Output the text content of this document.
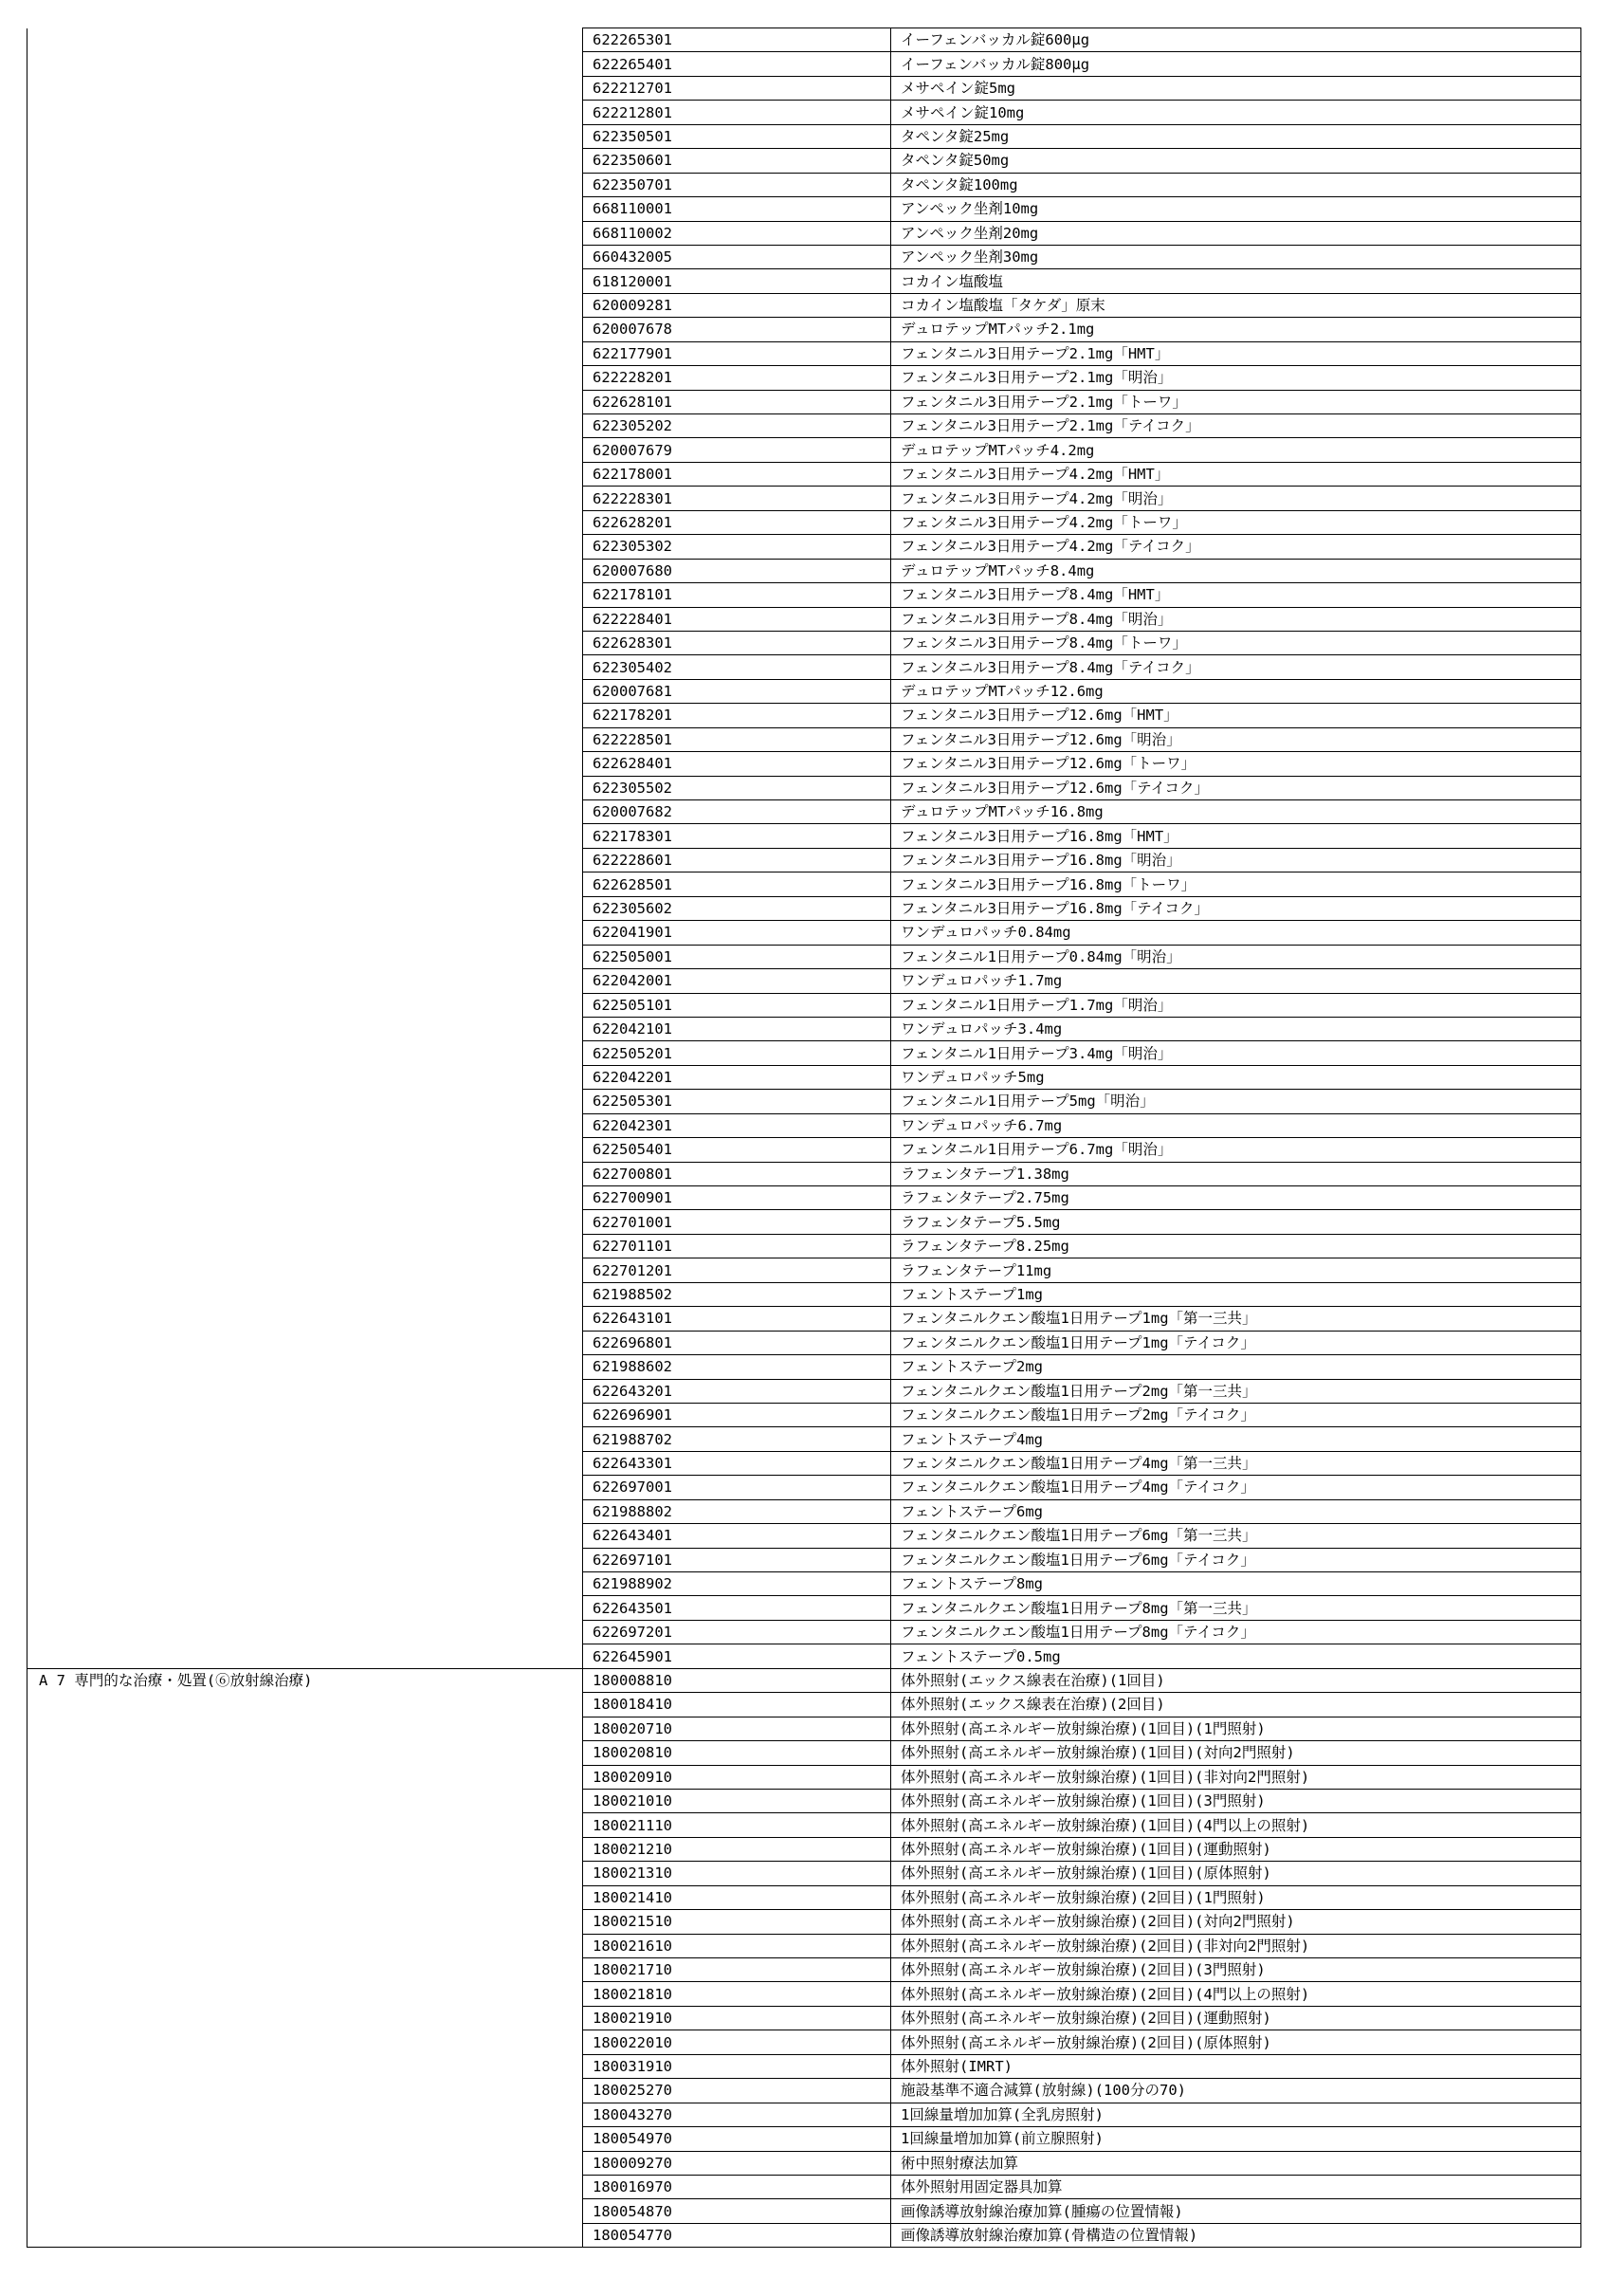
	622265301	イーフェンバッカル錠600μg
	622265401	イーフェンバッカル錠800μg
	622212701	メサペイン錠5mg
	622212801	メサペイン錠10mg
	622350501	タペンタ錠25mg
	622350601	タペンタ錠50mg
	622350701	タペンタ錠100mg
	668110001	アンペック坐剤10mg
	668110002	アンペック坐剤20mg
	660432005	アンペック坐剤30mg
	618120001	コカイン塩酸塩
	620009281	コカイン塩酸塩「タケダ」原末
	620007678	デュロテップMTパッチ2.1mg
	622177901	フェンタニル3日用テープ2.1mg「HMT」
	622228201	フェンタニル3日用テープ2.1mg「明治」
	622628101	フェンタニル3日用テープ2.1mg「トーワ」
	622305202	フェンタニル3日用テープ2.1mg「テイコク」
	620007679	デュロテップMTパッチ4.2mg
	622178001	フェンタニル3日用テープ4.2mg「HMT」
	622228301	フェンタニル3日用テープ4.2mg「明治」
	622628201	フェンタニル3日用テープ4.2mg「トーワ」
	622305302	フェンタニル3日用テープ4.2mg「テイコク」
	620007680	デュロテップMTパッチ8.4mg
	622178101	フェンタニル3日用テープ8.4mg「HMT」
	622228401	フェンタニル3日用テープ8.4mg「明治」
	622628301	フェンタニル3日用テープ8.4mg「トーワ」
	622305402	フェンタニル3日用テープ8.4mg「テイコク」
	620007681	デュロテップMTパッチ12.6mg
	622178201	フェンタニル3日用テープ12.6mg「HMT」
	622228501	フェンタニル3日用テープ12.6mg「明治」
	622628401	フェンタニル3日用テープ12.6mg「トーワ」
	622305502	フェンタニル3日用テープ12.6mg「テイコク」
	620007682	デュロテップMTパッチ16.8mg
	622178301	フェンタニル3日用テープ16.8mg「HMT」
	622228601	フェンタニル3日用テープ16.8mg「明治」
	622628501	フェンタニル3日用テープ16.8mg「トーワ」
	622305602	フェンタニル3日用テープ16.8mg「テイコク」
	622041901	ワンデュロパッチ0.84mg
	622505001	フェンタニル1日用テープ0.84mg「明治」
	622042001	ワンデュロパッチ1.7mg
	622505101	フェンタニル1日用テープ1.7mg「明治」
	622042101	ワンデュロパッチ3.4mg
	622505201	フェンタニル1日用テープ3.4mg「明治」
	622042201	ワンデュロパッチ5mg
	622505301	フェンタニル1日用テープ5mg「明治」
	622042301	ワンデュロパッチ6.7mg
	622505401	フェンタニル1日用テープ6.7mg「明治」
	622700801	ラフェンタテープ1.38mg
	622700901	ラフェンタテープ2.75mg
	622701001	ラフェンタテープ5.5mg
	622701101	ラフェンタテープ8.25mg
	622701201	ラフェンタテープ11mg
	621988502	フェントステープ1mg
	622643101	フェンタニルクエン酸塩1日用テープ1mg「第一三共」
	622696801	フェンタニルクエン酸塩1日用テープ1mg「テイコク」
	621988602	フェントステープ2mg
	622643201	フェンタニルクエン酸塩1日用テープ2mg「第一三共」
	622696901	フェンタニルクエン酸塩1日用テープ2mg「テイコク」
	621988702	フェントステープ4mg
	622643301	フェンタニルクエン酸塩1日用テープ4mg「第一三共」
	622697001	フェンタニルクエン酸塩1日用テープ4mg「テイコク」
	621988802	フェントステープ6mg
	622643401	フェンタニルクエン酸塩1日用テープ6mg「第一三共」
	622697101	フェンタニルクエン酸塩1日用テープ6mg「テイコク」
	621988902	フェントステープ8mg
	622643501	フェンタニルクエン酸塩1日用テープ8mg「第一三共」
	622697201	フェンタニルクエン酸塩1日用テープ8mg「テイコク」
	622645901	フェントステープ0.5mg
A 7 専門的な治療・処置(⑥放射線治療)	180008810	体外照射(エックス線表在治療)(1回目)
	180018410	体外照射(エックス線表在治療)(2回目)
	180020710	体外照射(高エネルギー放射線治療)(1回目)(1門照射)
	180020810	体外照射(高エネルギー放射線治療)(1回目)(対向2門照射)
	180020910	体外照射(高エネルギー放射線治療)(1回目)(非対向2門照射)
	180021010	体外照射(高エネルギー放射線治療)(1回目)(3門照射)
	180021110	体外照射(高エネルギー放射線治療)(1回目)(4門以上の照射)
	180021210	体外照射(高エネルギー放射線治療)(1回目)(運動照射)
	180021310	体外照射(高エネルギー放射線治療)(1回目)(原体照射)
	180021410	体外照射(高エネルギー放射線治療)(2回目)(1門照射)
	180021510	体外照射(高エネルギー放射線治療)(2回目)(対向2門照射)
	180021610	体外照射(高エネルギー放射線治療)(2回目)(非対向2門照射)
	180021710	体外照射(高エネルギー放射線治療)(2回目)(3門照射)
	180021810	体外照射(高エネルギー放射線治療)(2回目)(4門以上の照射)
	180021910	体外照射(高エネルギー放射線治療)(2回目)(運動照射)
	180022010	体外照射(高エネルギー放射線治療)(2回目)(原体照射)
	180031910	体外照射(IMRT)
	180025270	施設基準不適合減算(放射線)(100分の70)
	180043270	1回線量増加加算(全乳房照射)
	180054970	1回線量増加加算(前立腺照射)
	180009270	術中照射療法加算
	180016970	体外照射用固定器具加算
	180054870	画像誘導放射線治療加算(腫瘍の位置情報)
	180054770	画像誘導放射線治療加算(骨構造の位置情報)
